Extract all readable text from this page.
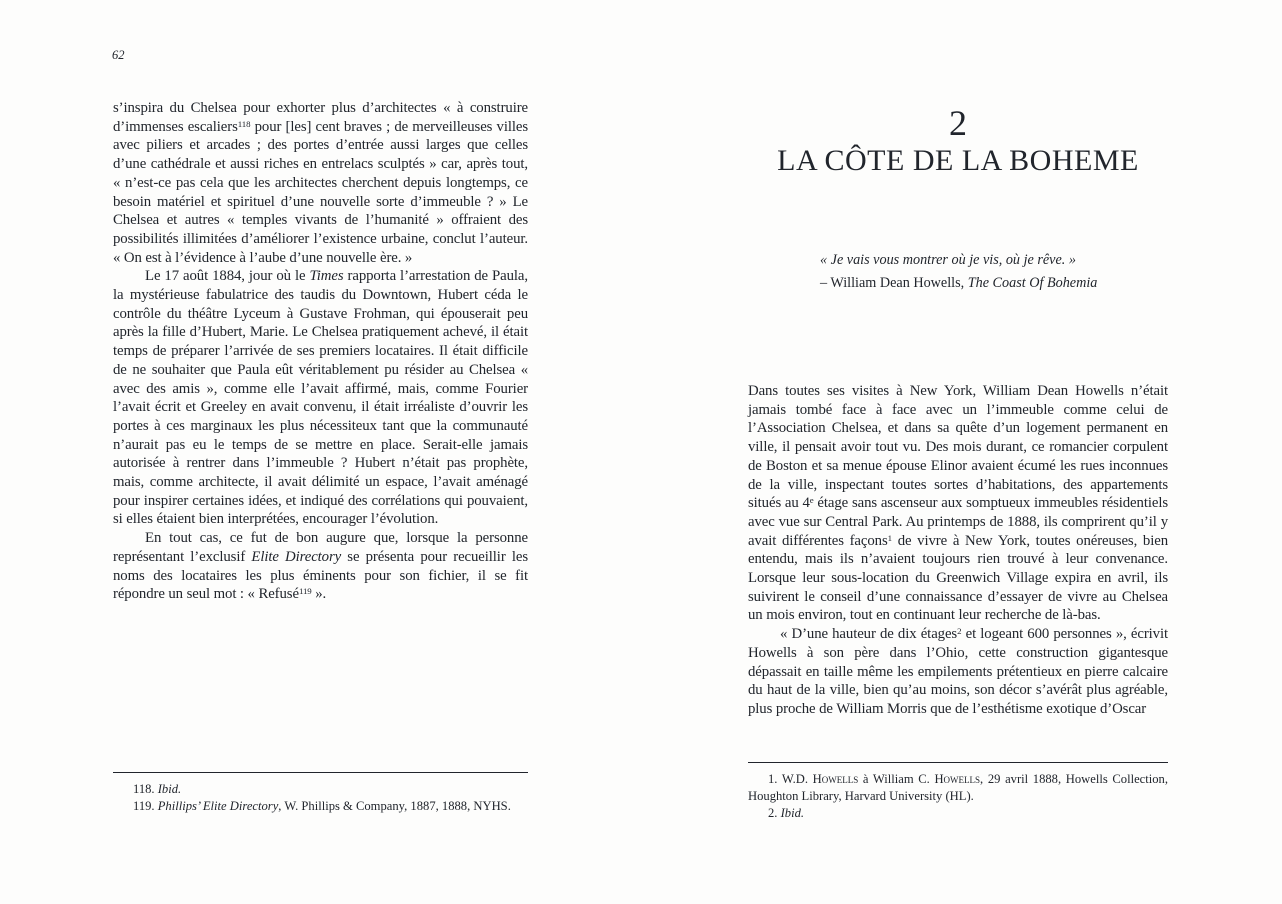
62

s’inspira du Chelsea pour exhorter plus d’architectes « à construire d’immenses escaliers$^{118}$ pour [les] cent braves ; de merveilleuses villes avec piliers et arcades ; des portes d’entrée aussi larges que celles d’une cathédrale et aussi riches en entrelacs sculptés » car, après tout, « n’est-ce pas cela que les architectes cherchent depuis longtemps, ce besoin matériel et spirituel d’une nouvelle sorte d’immeuble ? » Le Chelsea et autres « temples vivants de l’humanité » offraient des possibilités illimitées d’améliorer l’existence urbaine, conclut l’auteur. « On est à l’évidence à l’aube d’une nouvelle ère. »

Le 17 août 1884, jour où le Times rapporta l’arrestation de Paula, la mystérieuse fabulatrice des taudis du Downtown, Hubert céda le contrôle du théâtre Lyceum à Gustave Frohman, qui épouserait peu après la fille d’Hubert, Marie. Le Chelsea pratiquement achevé, il était temps de préparer l’arrivée de ses premiers locataires. Il était difficile de ne souhaiter que Paula eût véritablement pu résider au Chelsea « avec des amis », comme elle l’avait affirmé, mais, comme Fourier l’avait écrit et Greeley en avait convenu, il était irréaliste d’ouvrir les portes à ces marginaux les plus nécessiteux tant que la communauté n’aurait pas eu le temps de se mettre en place. Serait-elle jamais autorisée à rentrer dans l’immeuble ? Hubert n’était pas prophète, mais, comme architecte, il avait délimité un espace, l’avait aménagé pour inspirer certaines idées, et indiqué des corrélations qui pouvaient, si elles étaient bien interprétées, encourager l’évolution.

En tout cas, ce fut de bon augure que, lorsque la personne représentant l’exclusif Elite Directory se présenta pour recueillir les noms des locataires les plus éminents pour son fichier, il se fit répondre un seul mot : « Refusé$^{119}$ ».

118. Ibid.
119. Phillips’ Elite Directory, W. Phillips & Company, 1887, 1888, NYHS.
2
LA CÔTE DE LA BOHEME
« Je vais vous montrer où je vis, où je rêve. »
– William Dean Howells, The Coast Of Bohemia

Dans toutes ses visites à New York, William Dean Howells n’était jamais tombé face à face avec un l’immeuble comme celui de l’Association Chelsea, et dans sa quête d’un logement permanent en ville, il pensait avoir tout vu. Des mois durant, ce romancier corpulent de Boston et sa menue épouse Elinor avaient écumé les rues inconnues de la ville, inspectant toutes sortes d’habitations, des appartements situés au 4e étage sans ascenseur aux somptueux immeubles résidentiels avec vue sur Central Park. Au printemps de 1888, ils comprirent qu’il y avait différentes façons$^1$ de vivre à New York, toutes onéreuses, bien entendu, mais ils n’avaient toujours rien trouvé à leur convenance. Lorsque leur sous-location du Greenwich Village expira en avril, ils suivirent le conseil d’une connaissance d’essayer de vivre au Chelsea un mois environ, tout en continuant leur recherche de là-bas.

« D’une hauteur de dix étages$^2$ et logeant 600 personnes », écrivit Howells à son père dans l’Ohio, cette construction gigantesque dépassait en taille même les empilements prétentieux en pierre calcaire du haut de la ville, bien qu’au moins, son décor s’avérât plus agréable, plus proche de William Morris que de l’esthétisme exotique d’Oscar

1. W.D. Howells à William C. Howells, 29 avril 1888, Howells Collection, Houghton Library, Harvard University (HL).
2. Ibid.
